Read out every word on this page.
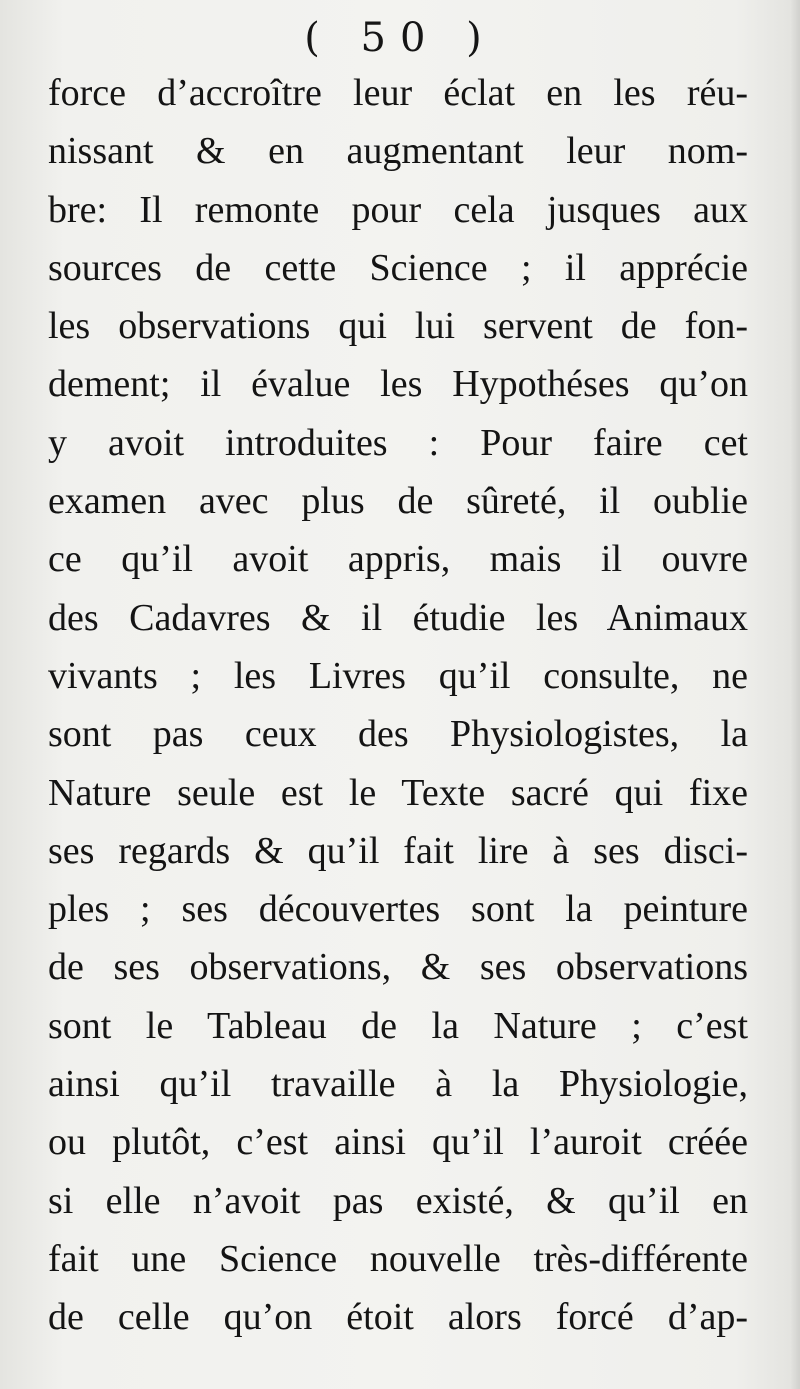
( 50 )
force d’accroître leur éclat en les réu-
nissant & en augmentant leur nom-
bre: Il remonte pour cela jusques aux
sources de cette Science ; il apprécie
les observations qui lui servent de fon-
dement; il évalue les Hypothéses qu’on
y avoit introduites : Pour faire cet
examen avec plus de sûreté, il oublie
ce qu’il avoit appris, mais il ouvre
des Cadavres & il étudie les Animaux
vivants ; les Livres qu’il consulte, ne
sont pas ceux des Physiologistes, la
Nature seule est le Texte sacré qui fixe
ses regards & qu’il fait lire à ses disci-
ples ; ses découvertes sont la peinture
de ses observations, & ses observations
sont le Tableau de la Nature ; c’est
ainsi qu’il travaille à la Physiologie,
ou plutôt, c’est ainsi qu’il l’auroit créée
si elle n’avoit pas existé, & qu’il en
fait une Science nouvelle très-différente
de celle qu’on étoit alors forcé d’ap-
